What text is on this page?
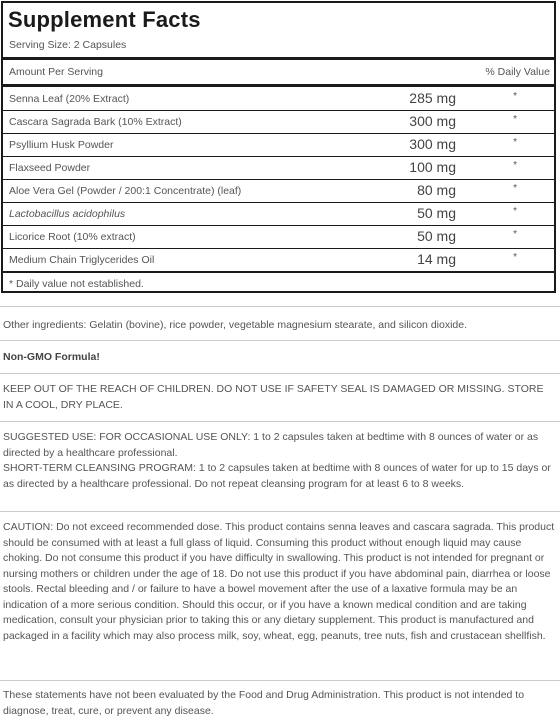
Supplement Facts
Serving Size: 2 Capsules
Amount Per Serving	% Daily Value
Senna Leaf (20% Extract)	285 mg	*
Cascara Sagrada Bark (10% Extract)	300 mg	*
Psyllium Husk Powder	300 mg	*
Flaxseed Powder	100 mg	*
Aloe Vera Gel (Powder / 200:1 Concentrate) (leaf)	80 mg	*
Lactobacillus acidophilus	50 mg	*
Licorice Root (10% extract)	50 mg	*
Medium Chain Triglycerides Oil	14 mg	*
* Daily value not established.

Other ingredients: Gelatin (bovine), rice powder, vegetable magnesium stearate, and silicon dioxide.

Non-GMO Formula!

KEEP OUT OF THE REACH OF CHILDREN. DO NOT USE IF SAFETY SEAL IS DAMAGED OR MISSING. STORE IN A COOL, DRY PLACE.

SUGGESTED USE: FOR OCCASIONAL USE ONLY: 1 to 2 capsules taken at bedtime with 8 ounces of water or as directed by a healthcare professional.

SHORT-TERM CLEANSING PROGRAM: 1 to 2 capsules taken at bedtime with 8 ounces of water for up to 15 days or as directed by a healthcare professional. Do not repeat cleansing program for at least 6 to 8 weeks.

CAUTION: Do not exceed recommended dose. This product contains senna leaves and cascara sagrada. This product should be consumed with at least a full glass of liquid. Consuming this product without enough liquid may cause choking. Do not consume this product if you have difficulty in swallowing. This product is not intended for pregnant or nursing mothers or children under the age of 18. Do not use this product if you have abdominal pain, diarrhea or loose stools. Rectal bleeding and / or failure to have a bowel movement after the use of a laxative formula may be an indication of a more serious condition. Should this occur, or if you have a known medical condition and are taking medication, consult your physician prior to taking this or any dietary supplement. This product is manufactured and packaged in a facility which may also process milk, soy, wheat, egg, peanuts, tree nuts, fish and crustacean shellfish.

These statements have not been evaluated by the Food and Drug Administration. This product is not intended to diagnose, treat, cure, or prevent any disease.
